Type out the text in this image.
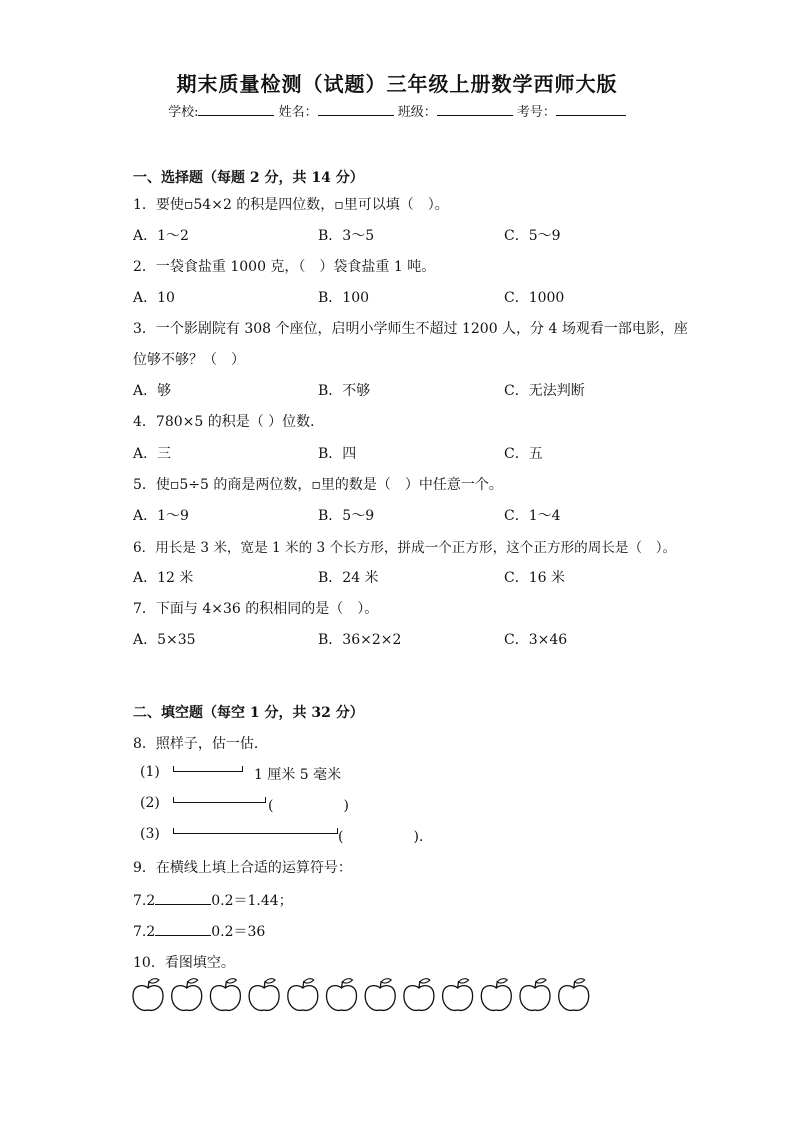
期末质量检测（试题）三年级上册数学西师大版
学校:	姓名：	班级：	考号：
一、选择题（每题 2 分，共 14 分）
1．要使▫54×2 的积是四位数，▫里可以填（　）。
A．1～2	B．3～5	C．5～9
2．一袋食盐重 1000 克，（　）袋食盐重 1 吨。
A．10	B．100	C．1000
3．一个影剧院有 308 个座位，启明小学师生不超过 1200 人，分 4 场观看一部电影，座
位够不够？（　）
A．够	B．不够	C．无法判断
4．780×5 的积是（ ）位数．
A．三	B．四	C．五
5．使▫5÷5 的商是两位数，▫里的数是（　）中任意一个。
A．1～9	B．5～9	C．1～4
6．用长是 3 米，宽是 1 米的 3 个长方形，拼成一个正方形，这个正方形的周长是（　）。
A．12 米	B．24 米	C．16 米
7．下面与 4×36 的积相同的是（　）。
A．5×35	B．36×2×2	C．3×46
二、填空题（每空 1 分，共 32 分）
8．照样子，估一估．
(1)	1 厘米 5 毫米
(2)	(　　　　　)
(3)	(　　　　　).
9．在横线上填上合适的运算符号：
7.2	0.2＝1.44；
7.2	0.2＝36
10．看图填空。
